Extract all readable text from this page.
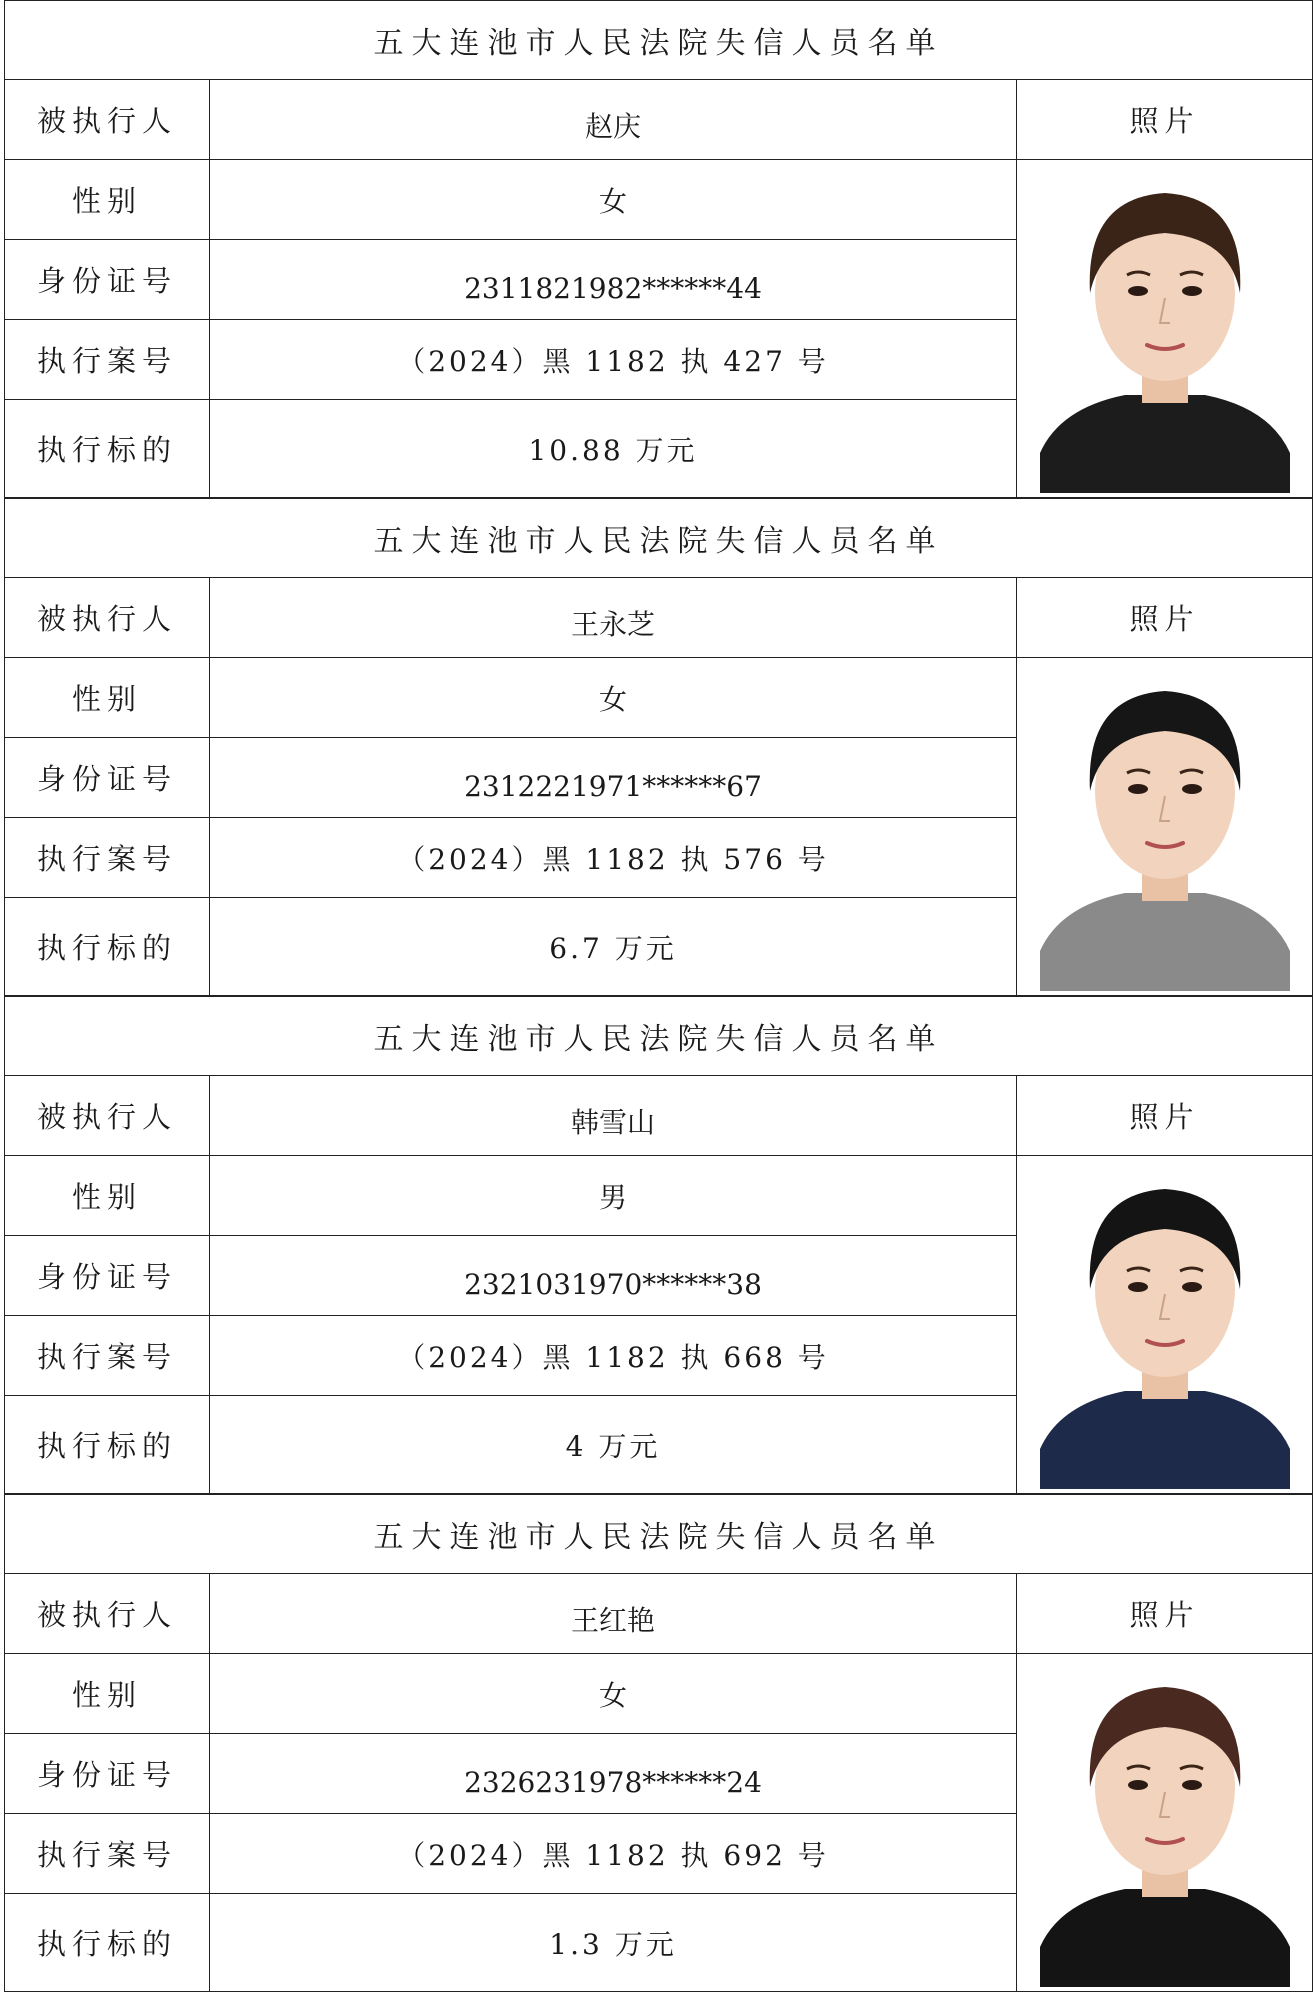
五大连池市人民法院失信人员名单
被执行人	赵庆	照片
性别	女
身份证号	2311821982******44
执行案号	（2024）黑 1182 执 427 号
执行标的	10.88 万元
五大连池市人民法院失信人员名单
被执行人	王永芝	照片
性别	女
身份证号	2312221971******67
执行案号	（2024）黑 1182 执 576 号
执行标的	6.7 万元
五大连池市人民法院失信人员名单
被执行人	韩雪山	照片
性别	男
身份证号	2321031970******38
执行案号	（2024）黑 1182 执 668 号
执行标的	4 万元
五大连池市人民法院失信人员名单
被执行人	王红艳	照片
性别	女
身份证号	2326231978******24
执行案号	（2024）黑 1182 执 692 号
执行标的	1.3 万元
